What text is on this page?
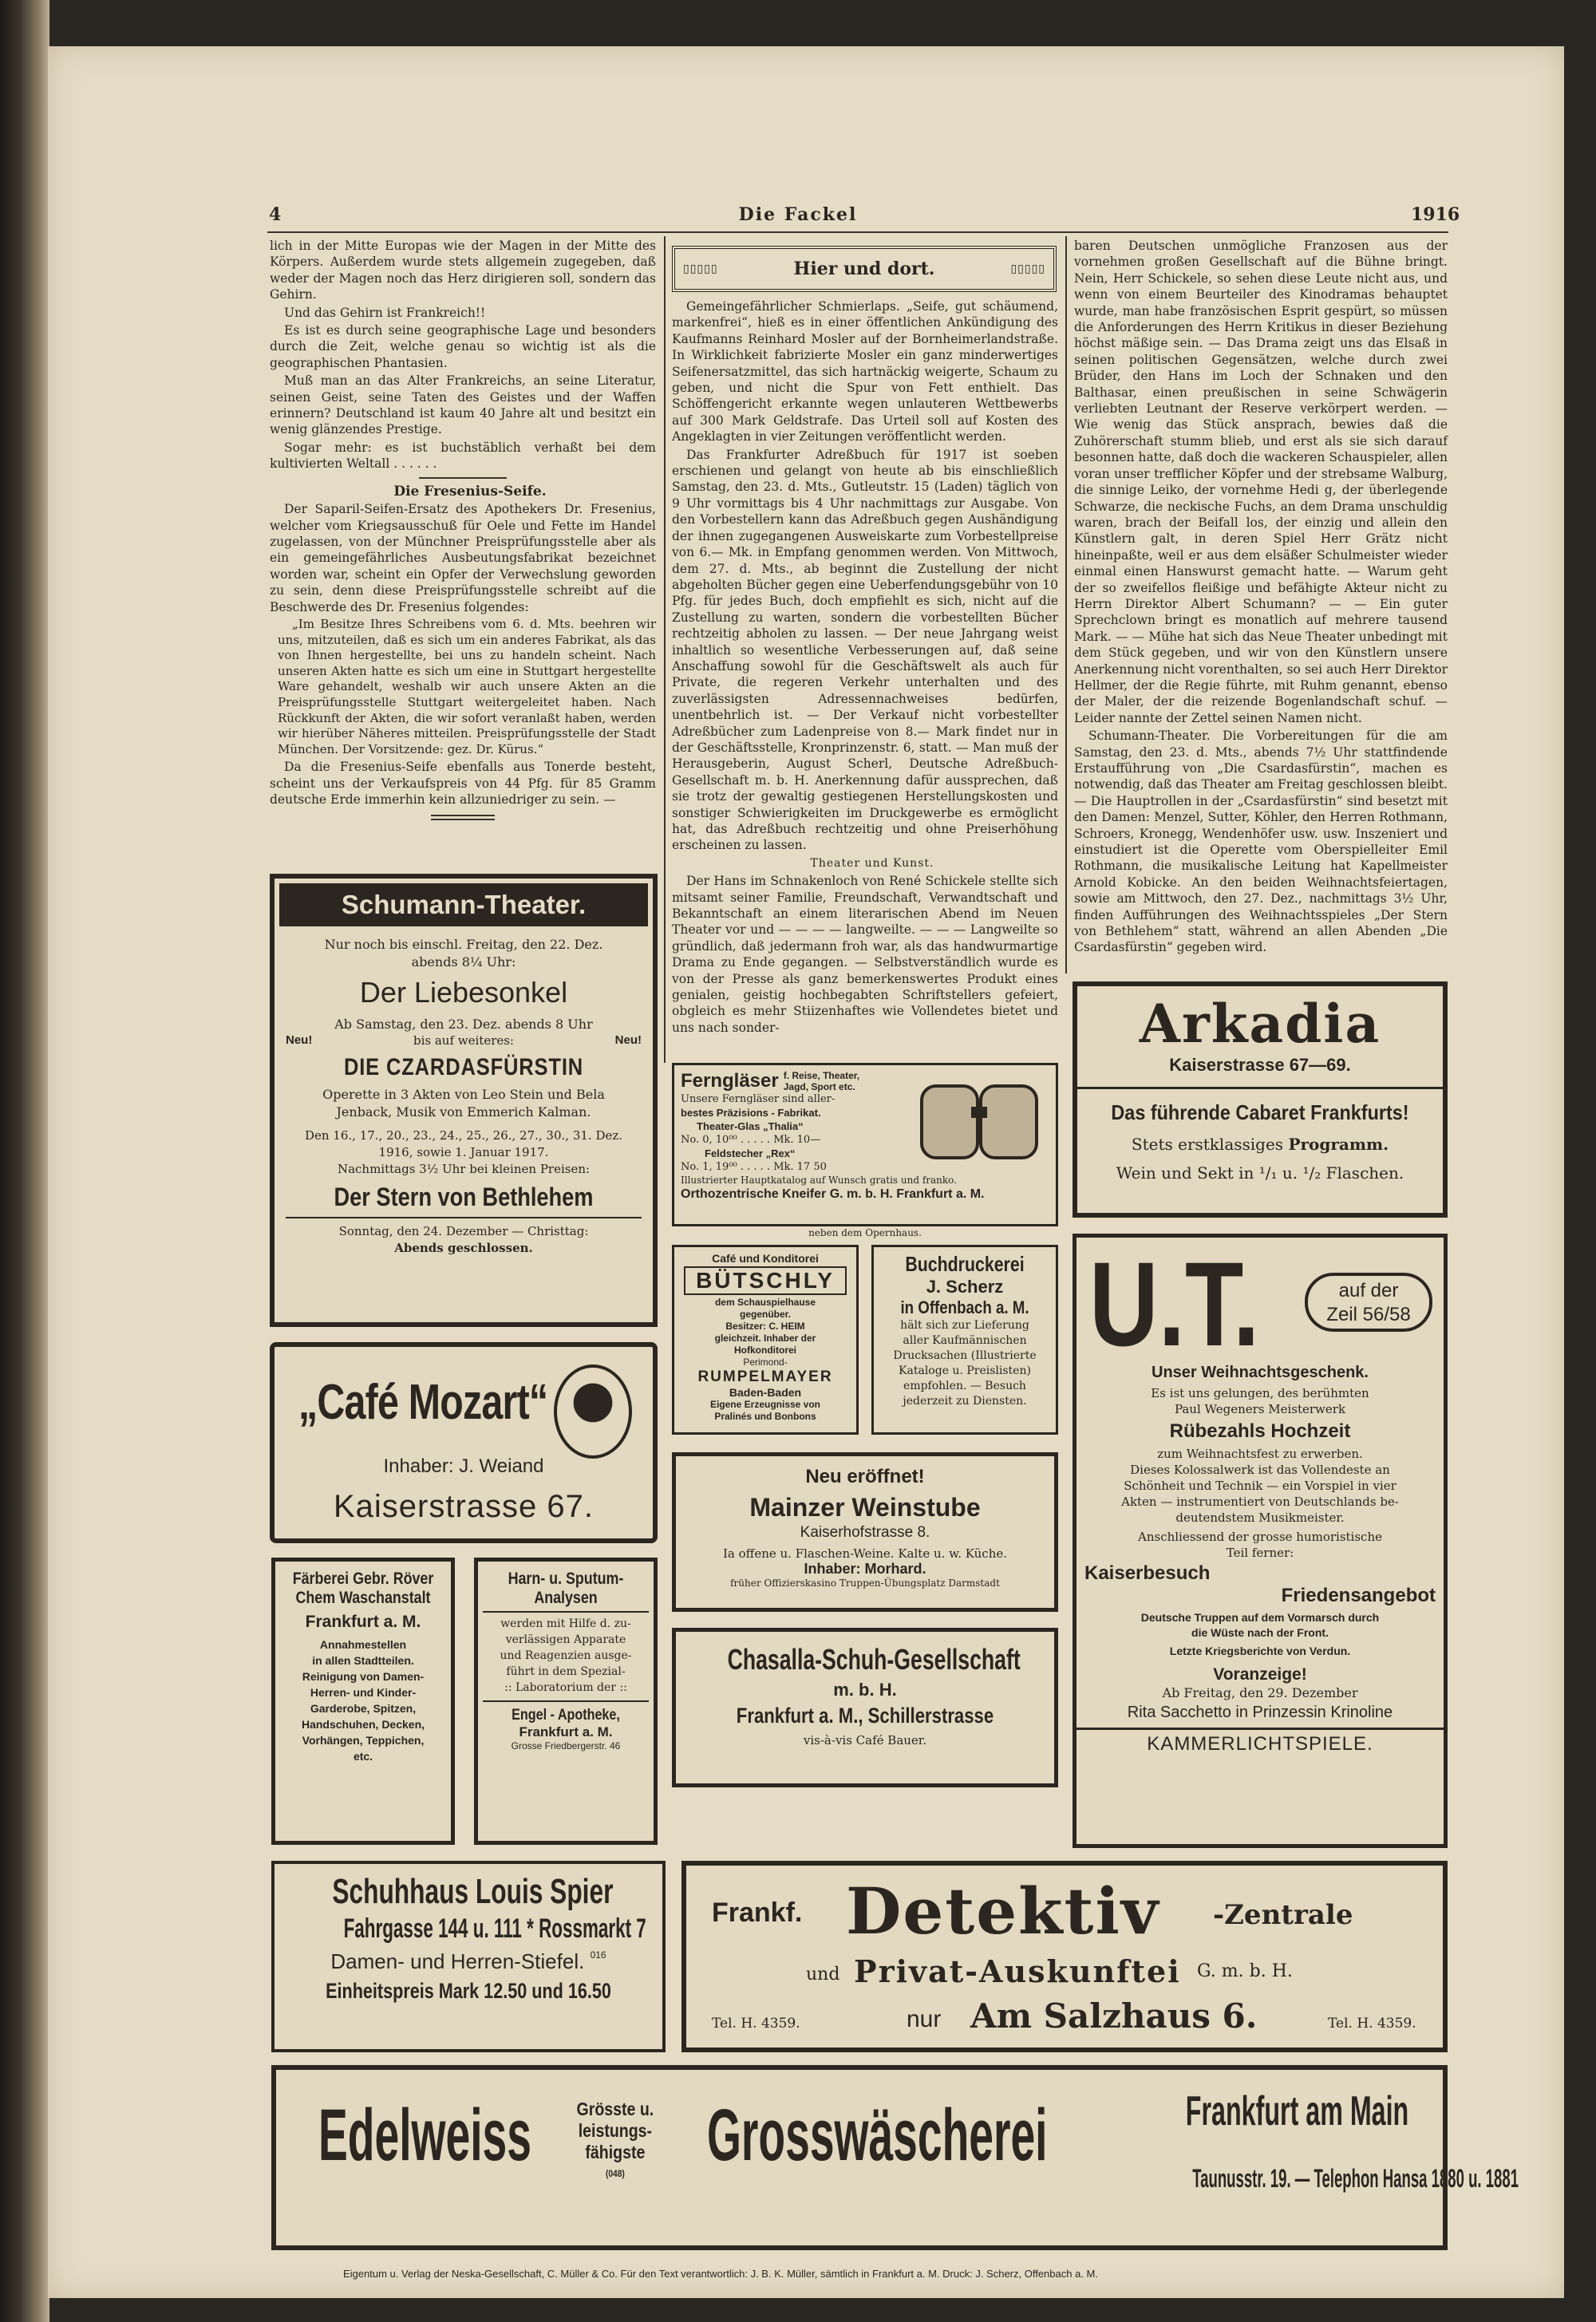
4	Die Fackel	1916

lich in der Mitte Europas wie der Magen in der Mitte des Körpers. Außerdem wurde stets allgemein zugegeben, daß weder der Magen noch das Herz dirigieren soll, sondern das Gehirn.

Und das Gehirn ist Frankreich!!

Es ist es durch seine geographische Lage und besonders durch die Zeit, welche genau so wichtig ist als die geographischen Phantasien.

Muß man an das Alter Frankreichs, an seine Literatur, seinen Geist, seine Taten des Geistes und der Waffen erinnern? Deutschland ist kaum 40 Jahre alt und besitzt ein wenig glänzendes Prestige.

Sogar mehr: es ist buchstäblich verhaßt bei dem kultivierten Weltall . . . . . .

Die Fresenius-Seife.

Der Saparil-Seifen-Ersatz des Apothekers Dr. Fresenius, welcher vom Kriegsausschuß für Oele und Fette im Handel zugelassen, von der Münchner Preisprüfungsstelle aber als ein gemeingefährliches Ausbeutungsfabrikat bezeichnet worden war, scheint ein Opfer der Verwechslung geworden zu sein, denn diese Preisprüfungsstelle schreibt auf die Beschwerde des Dr. Fresenius folgendes:

„Im Besitze Ihres Schreibens vom 6. d. Mts. beehren wir uns, mitzuteilen, daß es sich um ein anderes Fabrikat, als das von Ihnen hergestellte, bei uns zu handeln scheint. Nach unseren Akten hatte es sich um eine in Stuttgart hergestellte Ware gehandelt, weshalb wir auch unsere Akten an die Preisprüfungsstelle Stuttgart weitergeleitet haben. Nach Rückkunft der Akten, die wir sofort veranlaßt haben, werden wir hierüber Näheres mitteilen. Preisprüfungsstelle der Stadt München. Der Vorsitzende: gez. Dr. Kürus.“

Da die Fresenius-Seife ebenfalls aus Tonerde besteht, scheint uns der Verkaufspreis von 44 Pfg. für 85 Gramm deutsche Erde immerhin kein allzuniedriger zu sein. —

▯▯▯▯▯	Hier und dort.	▯▯▯▯▯

Gemeingefährlicher Schmierlaps. „Seife, gut schäumend, markenfrei“, hieß es in einer öffentlichen Ankündigung des Kaufmanns Reinhard Mosler auf der Bornheimerlandstraße. In Wirklichkeit fabrizierte Mosler ein ganz minderwertiges Seifenersatzmittel, das sich hartnäckig weigerte, Schaum zu geben, und nicht die Spur von Fett enthielt. Das Schöffengericht erkannte wegen unlauteren Wettbewerbs auf 300 Mark Geldstrafe. Das Urteil soll auf Kosten des Angeklagten in vier Zeitungen veröffentlicht werden.

Das Frankfurter Adreßbuch für 1917 ist soeben erschienen und gelangt von heute ab bis einschließlich Samstag, den 23. d. Mts., Gutleutstr. 15 (Laden) täglich von 9 Uhr vormittags bis 4 Uhr nachmittags zur Ausgabe. Von den Vorbestellern kann das Adreßbuch gegen Aushändigung der ihnen zugegangenen Ausweiskarte zum Vorbestellpreise von 6.— Mk. in Empfang genommen werden. Von Mittwoch, dem 27. d. Mts., ab beginnt die Zustellung der nicht abgeholten Bücher gegen eine Ueberfendungsgebühr von 10 Pfg. für jedes Buch, doch empfiehlt es sich, nicht auf die Zustellung zu warten, sondern die vorbestellten Bücher rechtzeitig abholen zu lassen. — Der neue Jahrgang weist inhaltlich so wesentliche Verbesserungen auf, daß seine Anschaffung sowohl für die Geschäftswelt als auch für Private, die regeren Verkehr unterhalten und des zuverlässigsten Adressennachweises bedürfen, unentbehrlich ist. — Der Verkauf nicht vorbestellter Adreßbücher zum Ladenpreise von 8.— Mark findet nur in der Geschäftsstelle, Kronprinzenstr. 6, statt. — Man muß der Herausgeberin, August Scherl, Deutsche Adreßbuch-Gesellschaft m. b. H. Anerkennung dafür aussprechen, daß sie trotz der gewaltig gestiegenen Herstellungskosten und sonstiger Schwierigkeiten im Druckgewerbe es ermöglicht hat, das Adreßbuch rechtzeitig und ohne Preiserhöhung erscheinen zu lassen.

Theater und Kunst.

Der Hans im Schnakenloch von René Schickele stellte sich mitsamt seiner Familie, Freundschaft, Verwandtschaft und Bekanntschaft an einem literarischen Abend im Neuen Theater vor und — — — — langweilte. — — — Langweilte so gründlich, daß jedermann froh war, als das handwurmartige Drama zu Ende gegangen. — Selbstverständlich wurde es von der Presse als ganz bemerkenswertes Produkt eines genialen, geistig hochbegabten Schriftstellers gefeiert, obgleich es mehr Stiizenhaftes wie Vollendetes bietet und uns nach sonder-

baren Deutschen unmögliche Franzosen aus der vornehmen großen Gesellschaft auf die Bühne bringt. Nein, Herr Schickele, so sehen diese Leute nicht aus, und wenn von einem Beurteiler des Kinodramas behauptet wurde, man habe französischen Esprit gespürt, so müssen die Anforderungen des Herrn Kritikus in dieser Beziehung höchst mäßige sein. — Das Drama zeigt uns das Elsaß in seinen politischen Gegensätzen, welche durch zwei Brüder, den Hans im Loch der Schnaken und den Balthasar, einen preußischen in seine Schwägerin verliebten Leutnant der Reserve verkörpert werden. — Wie wenig das Stück ansprach, bewies daß die Zuhörerschaft stumm blieb, und erst als sie sich darauf besonnen hatte, daß doch die wackeren Schauspieler, allen voran unser trefflicher Köpfer und der strebsame Walburg, die sinnige Leiko, der vornehme Hedi g, der überlegende Schwarze, die neckische Fuchs, an dem Drama unschuldig waren, brach der Beifall los, der einzig und allein den Künstlern galt, in deren Spiel Herr Grätz nicht hineinpaßte, weil er aus dem elsäßer Schulmeister wieder einmal einen Hanswurst gemacht hatte. — Warum geht der so zweifellos fleißige und befähigte Akteur nicht zu Herrn Direktor Albert Schumann? — — Ein guter Sprechclown bringt es monatlich auf mehrere tausend Mark. — — Mühe hat sich das Neue Theater unbedingt mit dem Stück gegeben, und wir von den Künstlern unsere Anerkennung nicht vorenthalten, so sei auch Herr Direktor Hellmer, der die Regie führte, mit Ruhm genannt, ebenso der Maler, der die reizende Bogenlandschaft schuf. — Leider nannte der Zettel seinen Namen nicht.

Schumann-Theater. Die Vorbereitungen für die am Samstag, den 23. d. Mts., abends 7½ Uhr stattfindende Erstaufführung von „Die Csardasfürstin“, machen es notwendig, daß das Theater am Freitag geschlossen bleibt. — Die Hauptrollen in der „Csardasfürstin“ sind besetzt mit den Damen: Menzel, Sutter, Köhler, den Herren Rothmann, Schroers, Kronegg, Wendenhöfer usw. usw. Inszeniert und einstudiert ist die Operette vom Oberspielleiter Emil Rothmann, die musikalische Leitung hat Kapellmeister Arnold Kobicke. An den beiden Weihnachtsfeiertagen, sowie am Mittwoch, den 27. Dez., nachmittags 3½ Uhr, finden Aufführungen des Weihnachtsspieles „Der Stern von Bethlehem“ statt, während an allen Abenden „Die Csardasfürstin“ gegeben wird.

Schumann-Theater.
Nur noch bis einschl. Freitag, den 22. Dez.
abends 8¼ Uhr:
Der Liebesonkel
Ab Samstag, den 23. Dez. abends 8 Uhr
Neu!	bis auf weiteres:	Neu!
DIE CZARDASFÜRSTIN
Operette in 3 Akten von Leo Stein und Bela
Jenback, Musik von Emmerich Kalman.
Den 16., 17., 20., 23., 24., 25., 26., 27., 30., 31. Dez.
1916, sowie 1. Januar 1917.
Nachmittags 3½ Uhr bei kleinen Preisen:
Der Stern von Bethlehem
Sonntag, den 24. Dezember — Christtag:
Abends geschlossen.
„Café Mozart“
Inhaber: J. Weiand
Kaiserstrasse 67.
Färberei Gebr. Röver
Chem Waschanstalt
Frankfurt a. M.
Annahmestellen
in allen Stadtteilen.
Reinigung von Damen-
Herren- und Kinder-
Garderobe, Spitzen,
Handschuhen, Decken,
Vorhängen, Teppichen,
etc.
Harn- u. Sputum-
Analysen
werden mit Hilfe d. zu-
verlässigen Apparate
und Reagenzien ausge-
führt in dem Spezial-
:: Laboratorium der ::
Engel - Apotheke,
Frankfurt a. M.
Grosse Friedbergerstr. 46
Ferngläser f. Reise, Theater,
Jagd, Sport etc.
Unsere Ferngläser sind aller-
bestes Präzisions - Fabrikat.
Theater-Glas „Thalia“
No. 0, 10⁰⁰ . . . . . Mk. 10—
Feldstecher „Rex“
No. 1, 19⁰⁰ . . . . . Mk. 17 50
Illustrierter Hauptkatalog auf Wunsch gratis und franko.
Orthozentrische Kneifer G. m. b. H. Frankfurt a. M.
neben dem Opernhaus.
Café und Konditorei
BÜTSCHLY
dem Schauspielhause
gegenüber.
Besitzer: C. HEIM
gleichzeit. Inhaber der
Hofkonditorei
Perimond-
RUMPELMAYER
Baden-Baden
Eigene Erzeugnisse von
Pralinés und Bonbons
Buchdruckerei
J. Scherz
in Offenbach a. M.
hält sich zur Lieferung
aller Kaufmännischen
Drucksachen (Illustrierte
Kataloge u. Preislisten)
empfohlen. — Besuch
jederzeit zu Diensten.
Neu eröffnet!
Mainzer Weinstube
Kaiserhofstrasse 8.
Ia offene u. Flaschen-Weine. Kalte u. w. Küche.
Inhaber: Morhard.
früher Offizierskasino Truppen-Übungsplatz Darmstadt
Chasalla-Schuh-Gesellschaft
m. b. H.
Frankfurt a. M., Schillerstrasse
vis-à-vis Café Bauer.
Arkadia
Kaiserstrasse 67—69.
Das führende Cabaret Frankfurts!
Stets erstklassiges Programm.
Wein und Sekt in ¹/₁ u. ¹/₂ Flaschen.
U.T.	auf der
Zeil 56/58
Unser Weihnachtsgeschenk.
Es ist uns gelungen, des berühmten
Paul Wegeners Meisterwerk
Rübezahls Hochzeit
zum Weihnachtsfest zu erwerben.
Dieses Kolossalwerk ist das Vollendeste an
Schönheit und Technik — ein Vorspiel in vier
Akten — instrumentiert von Deutschlands be-
deutendstem Musikmeister.
Anschliessend der grosse humoristische
Teil ferner:
Kaiserbesuch
Friedensangebot
Deutsche Truppen auf dem Vormarsch durch
die Wüste nach der Front.
Letzte Kriegsberichte von Verdun.
Voranzeige!
Ab Freitag, den 29. Dezember
Rita Sacchetto in Prinzessin Krinoline
KAMMERLICHTSPIELE.
Schuhhaus Louis Spier
Fahrgasse 144 u. 111 * Rossmarkt 7
Damen- und Herren-Stiefel. $^{016}$
Einheitspreis Mark 12.50 und 16.50
Frankf. Detektiv -Zentrale
und Privat-Auskunftei G. m. b. H.
Tel. H. 4359.	nur Am Salzhaus 6.	Tel. H. 4359.
Edelweiss Grösste u.
leistungs-
fähigste
(048)	Grosswäscherei	Frankfurt am Main
Taunusstr. 19. — Telephon Hansa 1880 u. 1881
Eigentum u. Verlag der Neska-Gesellschaft, C. Müller & Co. Für den Text verantwortlich: J. B. K. Müller, sämtlich in Frankfurt a. M. Druck: J. Scherz, Offenbach a. M.
